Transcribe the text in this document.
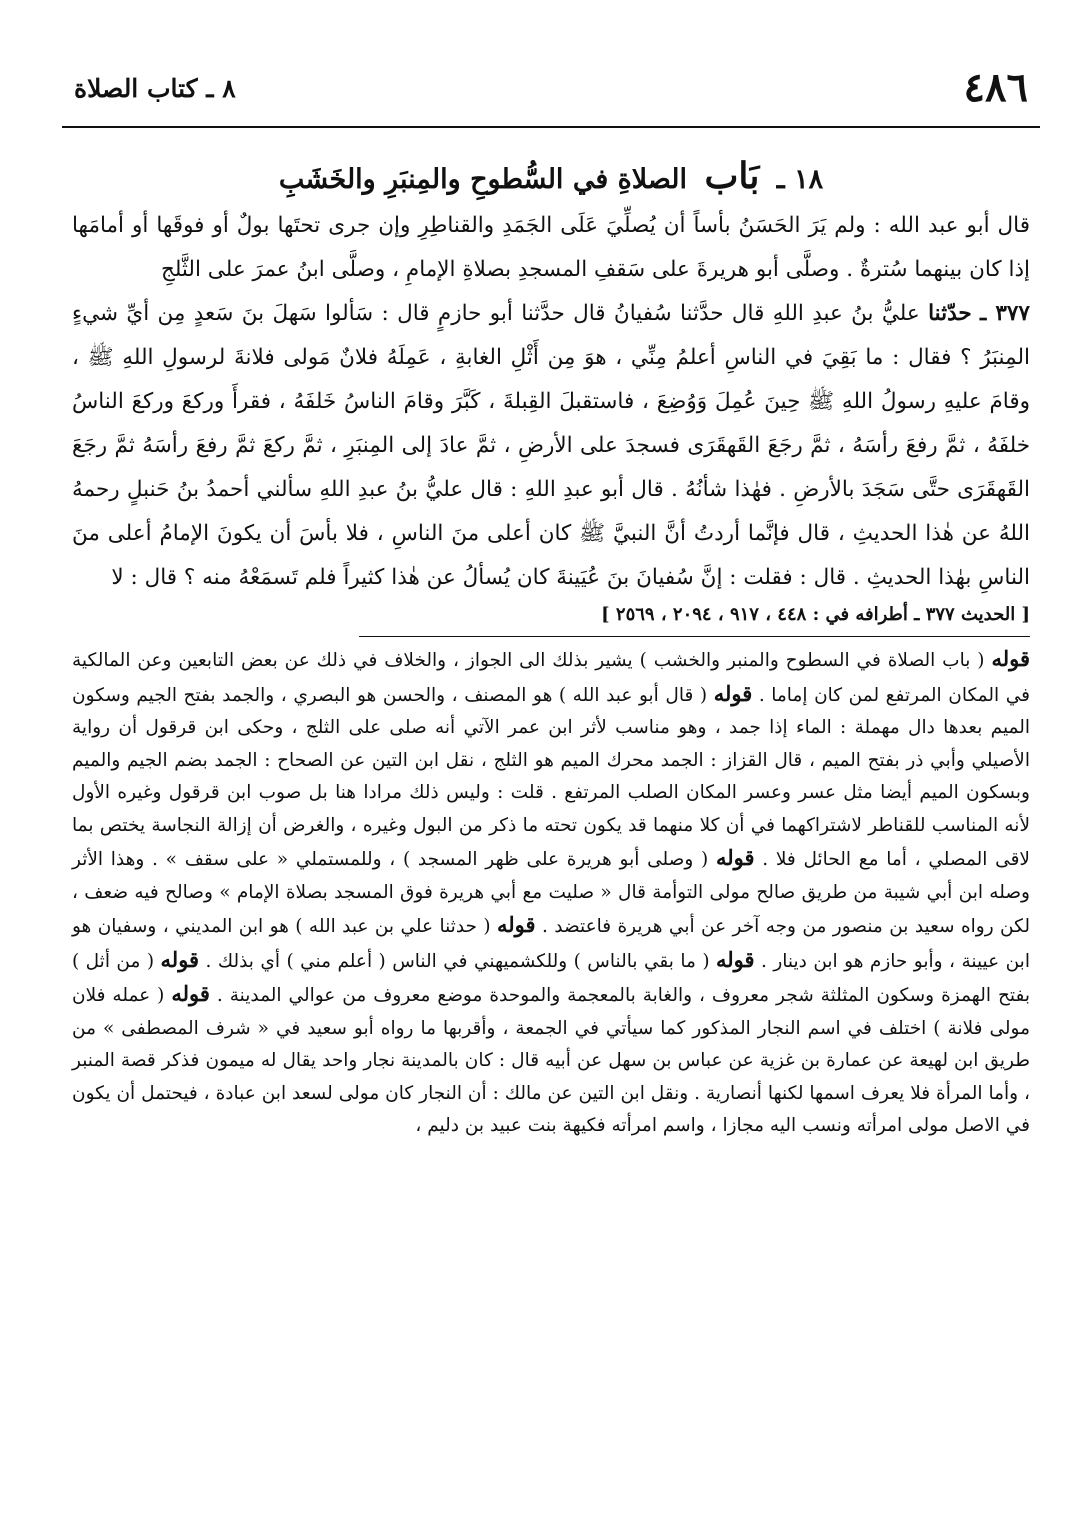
٤٨٦
٨ ـ كتاب الصلاة
١٨ ـ بَاب الصلاةِ في السُّطوحِ والمِنبَرِ والخَشَبِ

قال أبو عبد الله : ولم يَرَ الحَسَنُ بأساً أن يُصلِّيَ عَلَى الجَمَدِ والقناطِرِ وإن جرى تحتَها بولٌ أو فوقَها أو أمامَها إذا كان بينهما سُترةٌ . وصلَّى أبو هريرةَ على سَقفِ المسجدِ بصلاةِ الإمامِ ، وصلَّى ابنُ عمرَ على الثَّلجِ

٣٧٧ ـ حدّثنا عليُّ بنُ عبدِ اللهِ قال حدَّثنا سُفيانُ قال حدَّثنا أبو حازمٍ قال : سَألوا سَهلَ بنَ سَعدٍ مِن أيِّ شيءٍ المِنبَرُ ؟ فقال : ما بَقِيَ في الناسِ أعلمُ مِنِّي ، هوَ مِن أَثْلِ الغابةِ ، عَمِلَهُ فلانٌ مَولى فلانةَ لرسولِ اللهِ ﷺ ، وقامَ عليهِ رسولُ اللهِ ﷺ حِينَ عُمِلَ وَوُضِعَ ، فاستقبلَ القِبلةَ ، كَبَّرَ وقامَ الناسُ خَلفَهُ ، فقرأَ وركعَ وركعَ الناسُ خلفَهُ ، ثمَّ رفعَ رأسَهُ ، ثمَّ رجَعَ القَهقَرَى فسجدَ على الأرضِ ، ثمَّ عادَ إلى المِنبَرِ ، ثمَّ ركعَ ثمَّ رفعَ رأسَهُ ثمَّ رجَعَ القَهقَرَى حتَّى سَجَدَ بالأرضِ . فهٰذا شأنُهُ . قال أبو عبدِ اللهِ : قال عليُّ بنُ عبدِ اللهِ سألني أحمدُ بنُ حَنبلٍ رحمهُ اللهُ عن هٰذا الحديثِ ، قال فإنَّما أردتُ أنَّ النبيَّ ﷺ كان أعلى منَ الناسِ ، فلا بأسَ أن يكونَ الإمامُ أعلى منَ الناسِ بهٰذا الحديثِ . قال : فقلت : إنَّ سُفيانَ بنَ عُيَينةَ كان يُسألُ عن هٰذا كثيراً فلم تَسمَعْهُ منه ؟ قال : لا

[ الحديث ٣٧٧ ـ أطرافه في : ٤٤٨ ، ٩١٧ ، ٢٠٩٤ ، ٢٥٦٩ ]

قوله ( باب الصلاة في السطوح والمنبر والخشب ) يشير بذلك الى الجواز ، والخلاف في ذلك عن بعض التابعين وعن المالكية في المكان المرتفع لمن كان إماما . قوله ( قال أبو عبد الله ) هو المصنف ، والحسن هو البصري ، والجمد بفتح الجيم وسكون الميم بعدها دال مهملة : الماء إذا جمد ، وهو مناسب لأثر ابن عمر الآتي أنه صلى على الثلج ، وحكى ابن قرقول أن رواية الأصيلي وأبي ذر بفتح الميم ، قال القزاز : الجمد محرك الميم هو الثلج ، نقل ابن التين عن الصحاح : الجمد بضم الجيم والميم وبسكون الميم أيضا مثل عسر وعسر المكان الصلب المرتفع . قلت : وليس ذلك مرادا هنا بل صوب ابن قرقول وغيره الأول لأنه المناسب للقناطر لاشتراكهما في أن كلا منهما قد يكون تحته ما ذكر من البول وغيره ، والغرض أن إزالة النجاسة يختص بما لاقى المصلي ، أما مع الحائل فلا . قوله ( وصلى أبو هريرة على ظهر المسجد ) ، وللمستملي « على سقف » . وهذا الأثر وصله ابن أبي شيبة من طريق صالح مولى التوأمة قال « صليت مع أبي هريرة فوق المسجد بصلاة الإمام » وصالح فيه ضعف ، لكن رواه سعيد بن منصور من وجه آخر عن أبي هريرة فاعتضد . قوله ( حدثنا علي بن عبد الله ) هو ابن المديني ، وسفيان هو ابن عيينة ، وأبو حازم هو ابن دينار . قوله ( ما بقي بالناس ) وللكشميهني في الناس ( أعلم مني ) أي بذلك . قوله ( من أثل ) بفتح الهمزة وسكون المثلثة شجر معروف ، والغابة بالمعجمة والموحدة موضع معروف من عوالي المدينة . قوله ( عمله فلان مولى فلانة ) اختلف في اسم النجار المذكور كما سيأتي في الجمعة ، وأقربها ما رواه أبو سعيد في « شرف المصطفى » من طريق ابن لهيعة عن عمارة بن غزية عن عباس بن سهل عن أبيه قال : كان بالمدينة نجار واحد يقال له ميمون فذكر قصة المنبر ، وأما المرأة فلا يعرف اسمها لكنها أنصارية . ونقل ابن التين عن مالك : أن النجار كان مولى لسعد ابن عبادة ، فيحتمل أن يكون في الاصل مولى امرأته ونسب اليه مجازا ، واسم امرأته فكيهة بنت عبيد بن دليم ،
